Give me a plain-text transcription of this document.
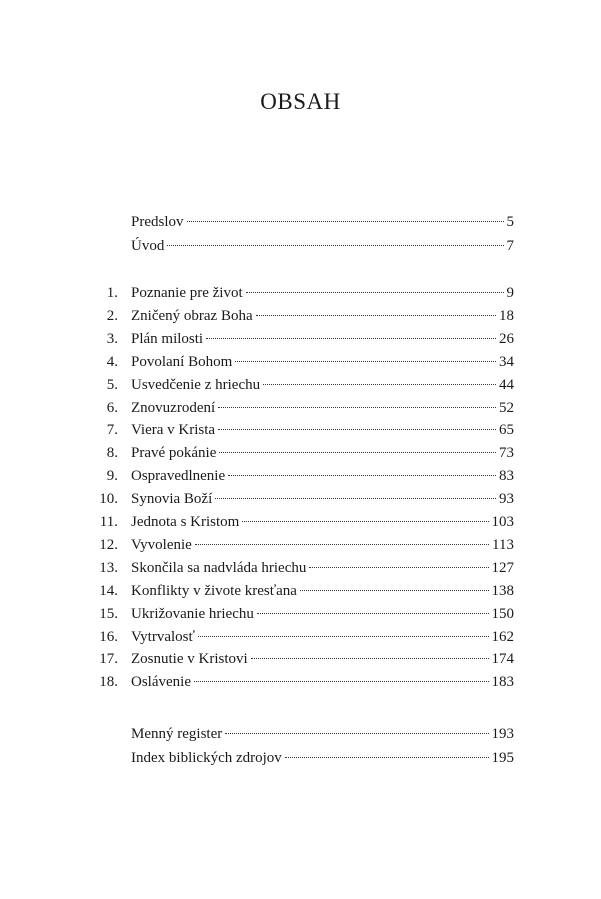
OBSAH
Predslov	5
Úvod	7
1. Poznanie pre život	9
2. Zničený obraz Boha	18
3. Plán milosti	26
4. Povolaní Bohom	34
5. Usvedčenie z hriechu	44
6. Znovuzrodení	52
7. Viera v Krista	65
8. Pravé pokánie	73
9. Ospravedlnenie	83
10. Synovia Boží	93
11. Jednota s Kristom	103
12. Vyvolenie	113
13. Skončila sa nadvláda hriechu	127
14. Konflikty v živote kresťana	138
15. Ukrižovanie hriechu	150
16. Vytrvalosť	162
17. Zosnutie v Kristovi	174
18. Oslávenie	183
Menný register	193
Index biblických zdrojov	195
